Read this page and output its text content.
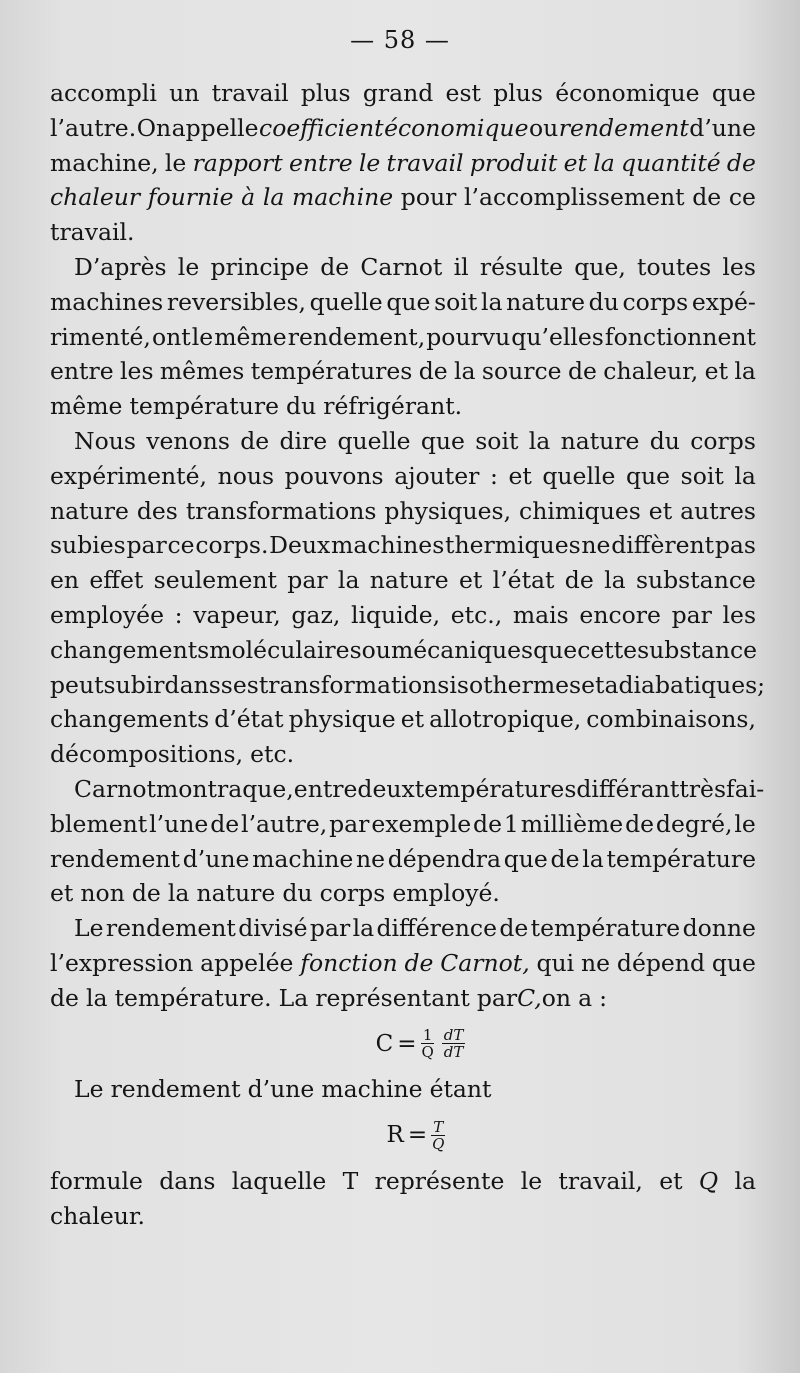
— 58 —
accompli un travail plus grand est plus économique que
l’autre. On appelle coefficient économique ou rendement d’une
machine, le rapport entre le travail produit et la quantité de
chaleur fournie à la machine pour l’accomplissement de ce
travail.
D’après le principe de Carnot il résulte que, toutes les
machines reversibles, quelle que soit la nature du corps expé-
rimenté, ont le même rendement, pourvu qu’elles fonctionnent
entre les mêmes températures de la source de chaleur, et la
même température du réfrigérant.
Nous venons de dire quelle que soit la nature du corps
expérimenté, nous pouvons ajouter : et quelle que soit la
nature des transformations physiques, chimiques et autres
subies par ce corps. Deux machines thermiques ne diffèrent pas
en effet seulement par la nature et l’état de la substance
employée : vapeur, gaz, liquide, etc., mais encore par les
changements moléculaires ou mécaniques que cette substance
peut subir dans ses transformations isothermes et adiabatiques;
changements d’état physique et allotropique, combinaisons,
décompositions, etc.
Carnot montra que, entre deux températures différant très fai-
blement l’une de l’autre, par exemple de 1 millième de degré, le
rendement d’une machine ne dépendra que de la température
et non de la nature du corps employé.
Le rendement divisé par la différence de température donne
l’expression appelée fonction de Carnot, qui ne dépend que
de la température. La représentant par C, on a :
$C = \frac{1}{Q} \frac{dT}{dT}$
Le rendement d’une machine étant
$R = \frac{T}{Q}$
formule dans laquelle T représente le travail, et Q la
chaleur.
